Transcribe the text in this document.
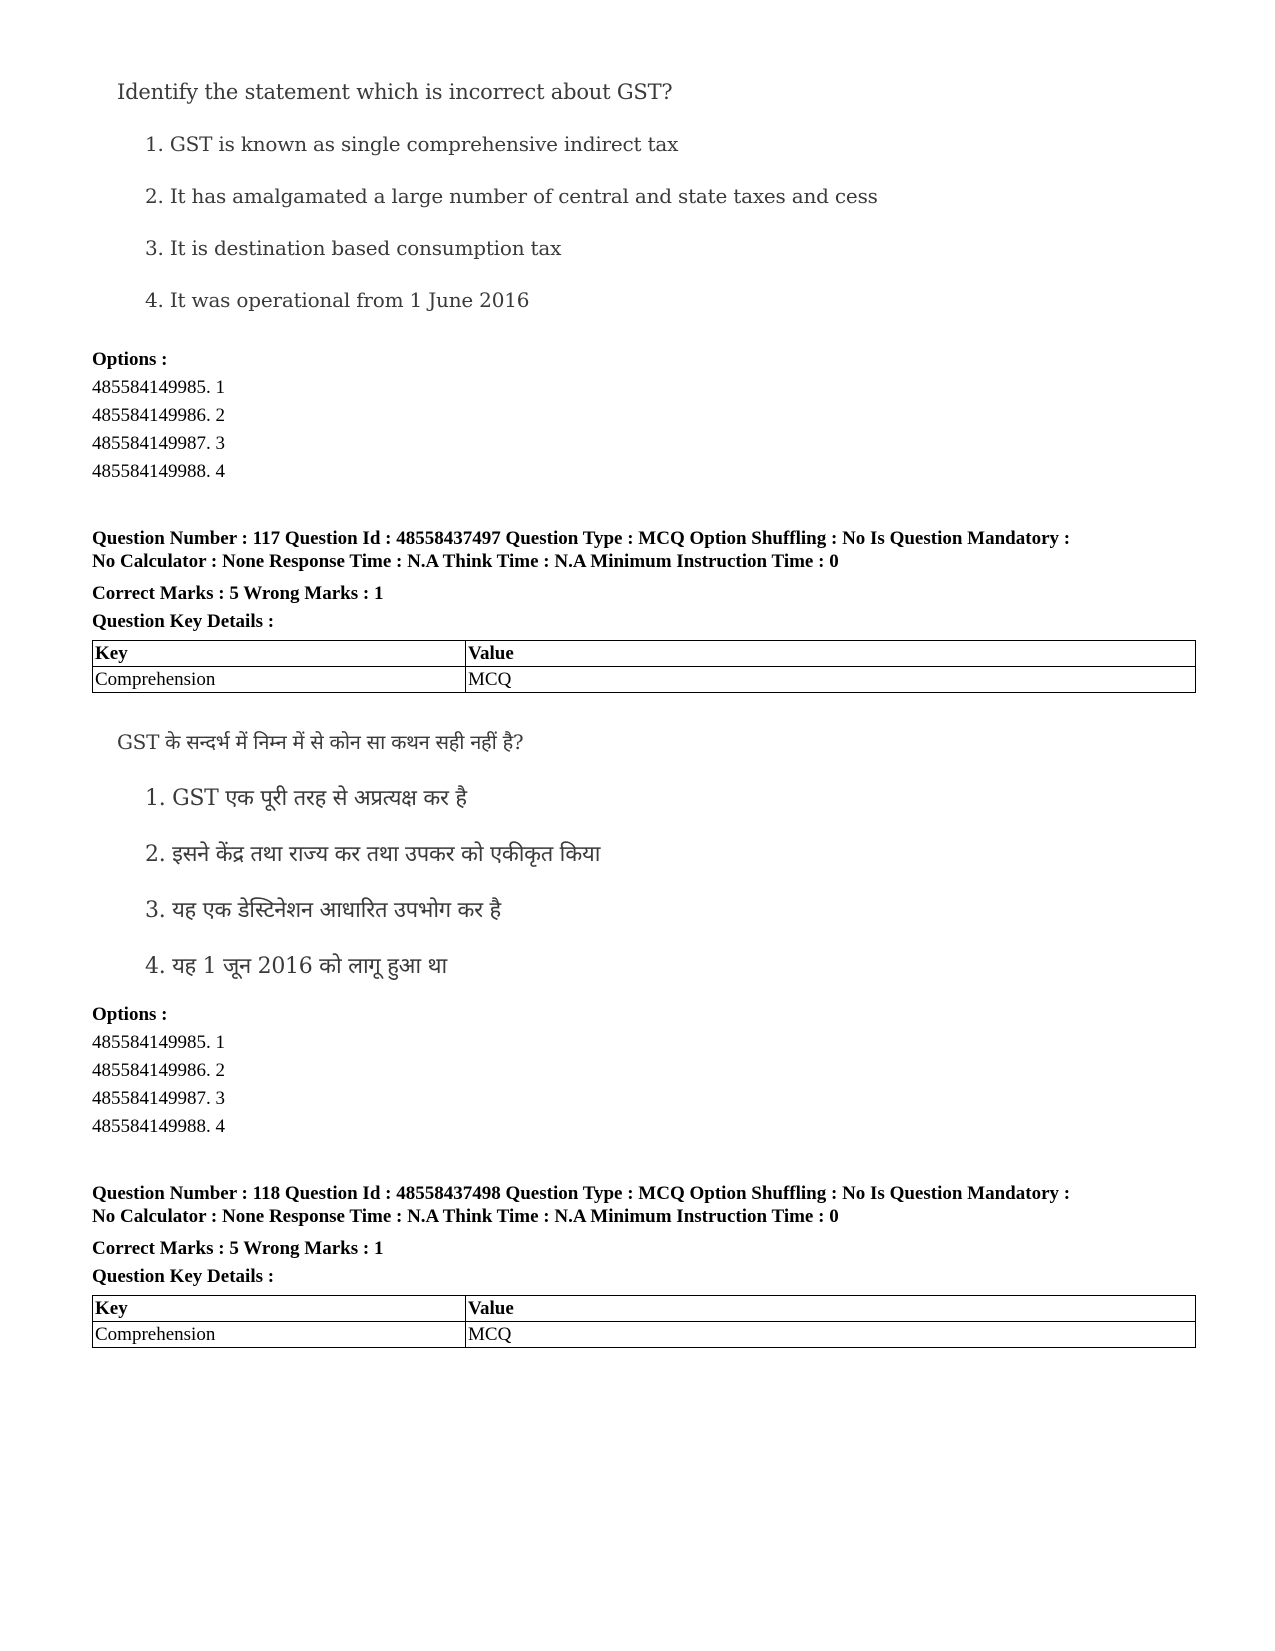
Identify the statement which is incorrect about GST?
1. GST is known as single comprehensive indirect tax
2. It has amalgamated a large number of central and state taxes and cess
3. It is destination based consumption tax
4. It was operational from 1 June 2016
Options :
485584149985. 1
485584149986. 2
485584149987. 3
485584149988. 4
Question Number : 117 Question Id : 48558437497 Question Type : MCQ Option Shuffling : No Is Question Mandatory :
No Calculator : None Response Time : N.A Think Time : N.A Minimum Instruction Time : 0
Correct Marks : 5 Wrong Marks : 1
Question Key Details :
Key	Value
Comprehension	MCQ
GST के सन्दर्भ में निम्न में से कोन सा कथन सही नहीं है?
1. GST एक पूरी तरह से अप्रत्यक्ष कर है
2. इसने केंद्र तथा राज्य कर तथा उपकर को एकीकृत किया
3. यह एक डेस्टिनेशन आधारित उपभोग कर है
4. यह 1 जून 2016 को लागू हुआ था
Options :
485584149985. 1
485584149986. 2
485584149987. 3
485584149988. 4
Question Number : 118 Question Id : 48558437498 Question Type : MCQ Option Shuffling : No Is Question Mandatory :
No Calculator : None Response Time : N.A Think Time : N.A Minimum Instruction Time : 0
Correct Marks : 5 Wrong Marks : 1
Question Key Details :
Key	Value
Comprehension	MCQ
